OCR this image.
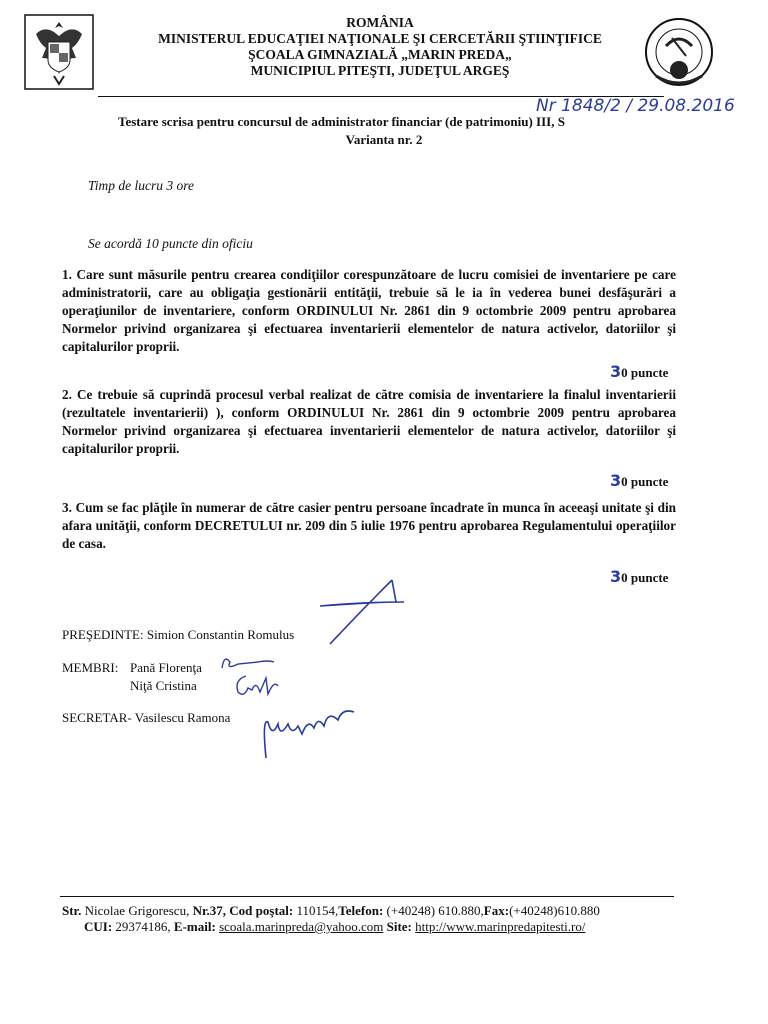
ROMÂNIA
MINISTERUL EDUCAŢIEI NAŢIONALE ŞI CERCETĂRII ŞTIINŢIFICE
ŞCOALA GIMNAZIALĂ „MARIN PREDA„
MUNICIPIUL PITEŞTI, JUDEŢUL ARGEŞ
Nr 1848/2 / 29.08.2016
Testare scrisa pentru concursul de administrator financiar (de patrimoniu) III, S
Varianta nr. 2
Timp de lucru 3 ore
Se acordă 10 puncte din oficiu
1. Care sunt măsurile pentru crearea condiţiilor corespunzătoare de lucru comisiei de inventariere pe care administratorii, care au obligaţia gestionării entităţii, trebuie să le ia în vederea bunei desfăşurări a operaţiunilor de inventariere, conform ORDINULUI Nr. 2861 din 9 octombrie 2009 pentru aprobarea Normelor privind organizarea şi efectuarea inventarierii elementelor de natura activelor, datoriilor şi capitalurilor proprii.
30 puncte
2. Ce trebuie să cuprindă procesul verbal realizat de către comisia de inventariere la finalul inventarierii (rezultatele inventarierii) ), conform ORDINULUI Nr. 2861 din 9 octombrie 2009 pentru aprobarea Normelor privind organizarea şi efectuarea inventarierii elementelor de natura activelor, datoriilor şi capitalurilor proprii.
30 puncte
3. Cum se fac plăţile în numerar de către casier pentru persoane încadrate în munca în aceeaşi unitate şi din afara unităţii, conform DECRETULUI nr. 209 din 5 iulie 1976 pentru aprobarea Regulamentului operaţiilor de casa.
30 puncte
PREŞEDINTE: Simion Constantin Romulus
MEMBRI: Pană Florenţa
Niţă Cristina
SECRETAR- Vasilescu Ramona
Str. Nicolae Grigorescu, Nr.37, Cod poştal: 110154,Telefon: (+40248) 610.880,Fax:(+40248)610.880
CUI: 29374186, E-mail: scoala.marinpreda@yahoo.com Site: http://www.marinpredapitesti.ro/
